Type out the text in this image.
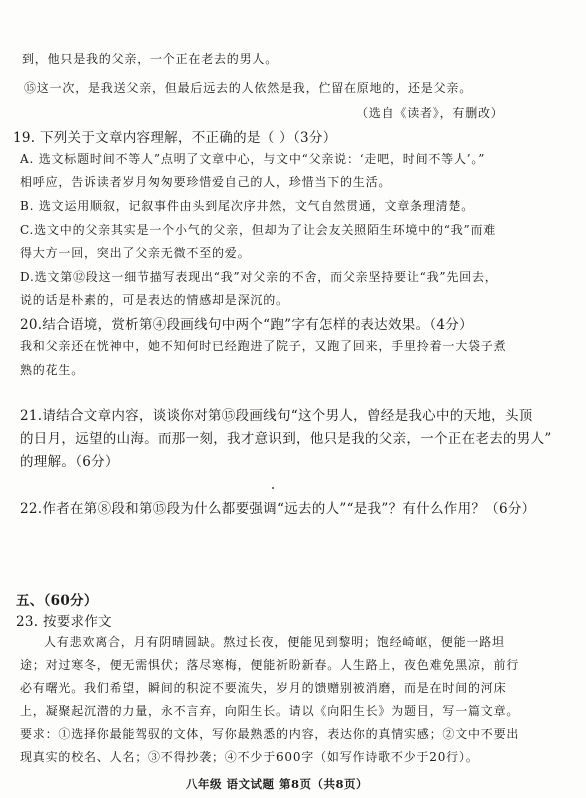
到，他只是我的父亲，一个正在老去的男人。
⑮这一次，是我送父亲，但最后远去的人依然是我，伫留在原地的，还是父亲。
（选自《读者》，有删改）
19. 下列关于文章内容理解，不正确的是（ ）（3分）
A. 选文标题时间不等人”点明了文章中心，与文中“父亲说：‘走吧，时间不等人’。”
相呼应，告诉读者岁月匆匆要珍惜爱自己的人，珍惜当下的生活。
B. 选文运用顺叙，记叙事件由头到尾次序井然，文气自然贯通，文章条理清楚。
C.选文中的父亲其实是一个小气的父亲，但却为了让会友关照陌生环境中的“我”而难
得大方一回，突出了父亲无微不至的爱。
D.选文第⑫段这一细节描写表现出“我”对父亲的不舍，而父亲坚持要让“我”先回去，
说的话是朴素的，可是表达的情感却是深沉的。
20.结合语境，赏析第④段画线句中两个“跑”字有怎样的表达效果。（4分）
我和父亲还在恍神中，她不知何时已经跑进了院子，又跑了回来，手里拎着一大袋子煮
熟的花生。
21.请结合文章内容，谈谈你对第⑮段画线句“这个男人，曾经是我心中的天地，头顶
的日月，远望的山海。而那一刻，我才意识到，他只是我的父亲，一个正在老去的男人”
的理解。（6分）
22.作者在第⑧段和第⑮段为什么都要强调“远去的人”“是我”？有什么作用？（6分）
五、（60分）
23. 按要求作文
人有悲欢离合，月有阴晴圆缺。熬过长夜，便能见到黎明；饱经崎岖，便能一路坦
途；对过寒冬，便无需惧伏；落尽寒梅，便能祈盼新春。人生路上，夜色难免黑凉，前行
必有曙光。我们希望，瞬间的积淀不要流失，岁月的馈赠别被消磨，而是在时间的河床
上，凝聚起沉潜的力量，永不言弃，向阳生长。请以《向阳生长》为题目，写一篇文章。
要求：①选择你最能驾驭的文体，写你最熟悉的内容，表达你的真情实感；②文中不要出
现真实的校名、人名；③不得抄袭；④不少于600字（如写作诗歌不少于20行）。
八年级 语文试题 第8页（共8页）
